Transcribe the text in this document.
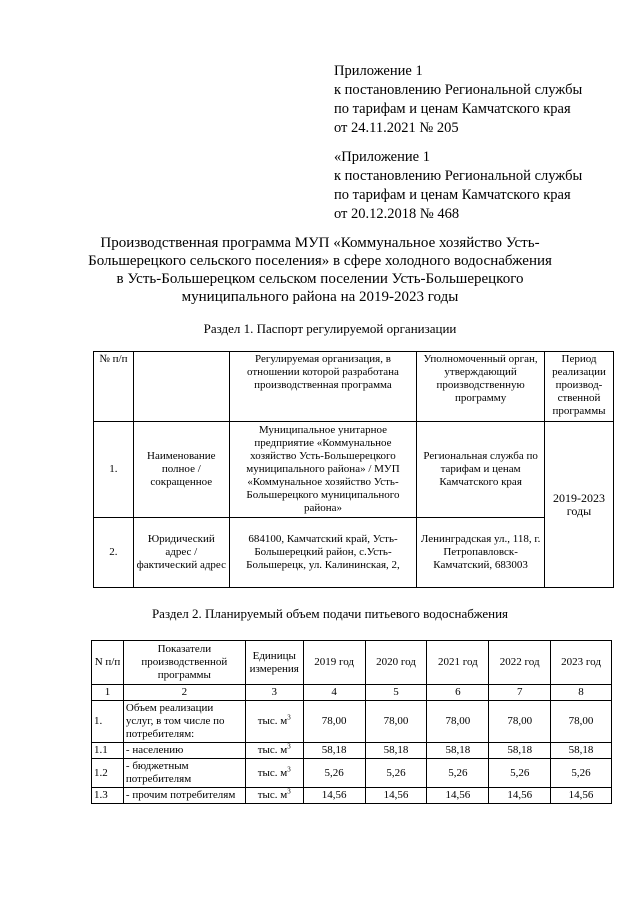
Приложение 1
к постановлению Региональной службы
по тарифам и ценам Камчатского края
от 24.11.2021 № 205
«Приложение 1
к постановлению Региональной службы
по тарифам и ценам Камчатского края
от 20.12.2018 № 468
Производственная программа МУП «Коммунальное хозяйство Усть-
Большерецкого сельского поселения» в сфере холодного водоснабжения
в Усть-Большерецком сельском поселении Усть-Большерецкого
муниципального района на 2019-2023 годы
Раздел 1. Паспорт регулируемой организации
№ п/п		Регулируемая организация, в отношении которой разработана производственная программа	Уполномоченный орган, утверждающий производственную программу	Период реализации производ-ственной программы
1.	Наименование полное / сокращенное	Муниципальное унитарное предприятие «Коммунальное хозяйство Усть-Большерецкого муниципального района» / МУП «Коммунальное хозяйство Усть-Большерецкого муниципального района»	Региональная служба по тарифам и ценам Камчатского края	2019-2023 годы
2.	Юридический адрес / фактический адрес	684100, Камчатский край, Усть-Большерецкий район, с.Усть-Большерецк, ул. Калининская, 2,	Ленинградская ул., 118, г. Петропавловск-Камчатский, 683003	
Раздел 2. Планируемый объем подачи питьевого водоснабжения
N п/п	Показатели производственной программы	Единицы измерения	2019 год	2020 год	2021 год	2022 год	2023 год
1	2	3	4	5	6	7	8
1.	Объем реализации услуг, в том числе по потребителям:	тыс. $м^3$	78,00	78,00	78,00	78,00	78,00
1.1	- населению	тыс. $м^3$	58,18	58,18	58,18	58,18	58,18
1.2	- бюджетным потребителям	тыс. $м^3$	5,26	5,26	5,26	5,26	5,26
1.3	- прочим потребителям	тыс. $м^3$	14,56	14,56	14,56	14,56	14,56
